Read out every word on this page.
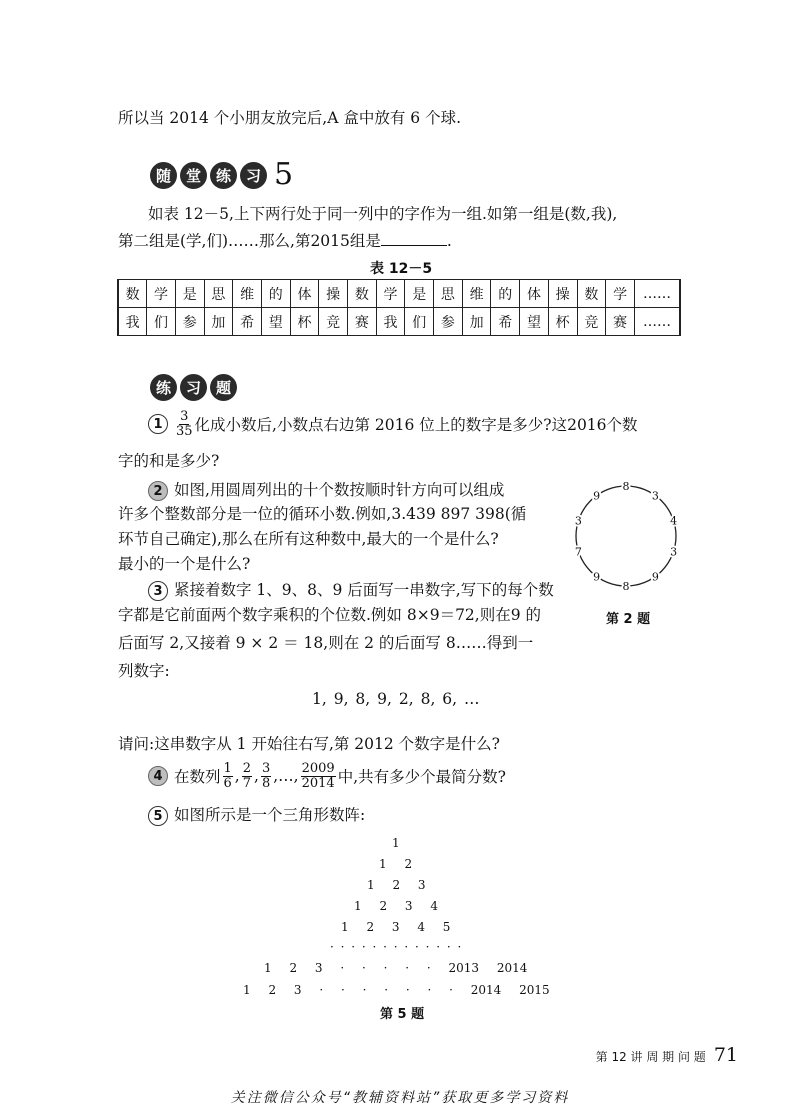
所以当 2014 个小朋友放完后,A 盒中放有 6 个球.
随 堂 练 习 5
如表 12－5,上下两行处于同一列中的字作为一组.如第一组是(数,我),
第二组是(学,们)……那么,第2015组是	.
表 12－5
数	学	是	思	维	的	体	操	数	学	是	思	维	的	体	操	数	学	……
我	们	参	加	希	望	杯	竞	赛	我	们	参	加	希	望	杯	竞	赛	……
练 习 题
1	$\frac{3}{35}$ 化成小数后,小数点右边第 2016 位上的数字是多少?这2016个数
字的和是多少?
2 如图,用圆周列出的十个数按顺时针方向可以组成
许多个整数部分是一位的循环小数.例如,3.439 897 398(循
环节自己确定),那么在所有这种数中,最大的一个是什么?
最小的一个是什么?
8
3
4
3
9
8
9
7
3
9
第 2 题
3 紧接着数字 1、9、8、9 后面写一串数字,写下的每个数
字都是它前面两个数字乘积的个位数.例如 8×9＝72,则在9 的
后面写 2,又接着 9 × 2 ＝ 18,则在 2 的后面写 8……得到一
列数字:
1, 9, 8, 9, 2, 8, 6, …
请问:这串数字从 1 开始往右写,第 2012 个数字是什么?
4 在数列 $\frac{1}{6}$ , $\frac{2}{7}$ , $\frac{3}{8}$ ,…, $\frac{2009}{2014}$ 中,共有多少个最简分数?
5 如图所示是一个三角形数阵:
1
1 2
1 2 3
1 2 3 4
1 2 3 4 5
· · · · · · · · · · · · ·
1 2 3 · · · · · 2013 2014
1 2 3 · · · · · · · 2014 2015
第 5 题
第 12 讲 周 期 问 题 71
关注微信公众号“教辅资料站”获取更多学习资料
